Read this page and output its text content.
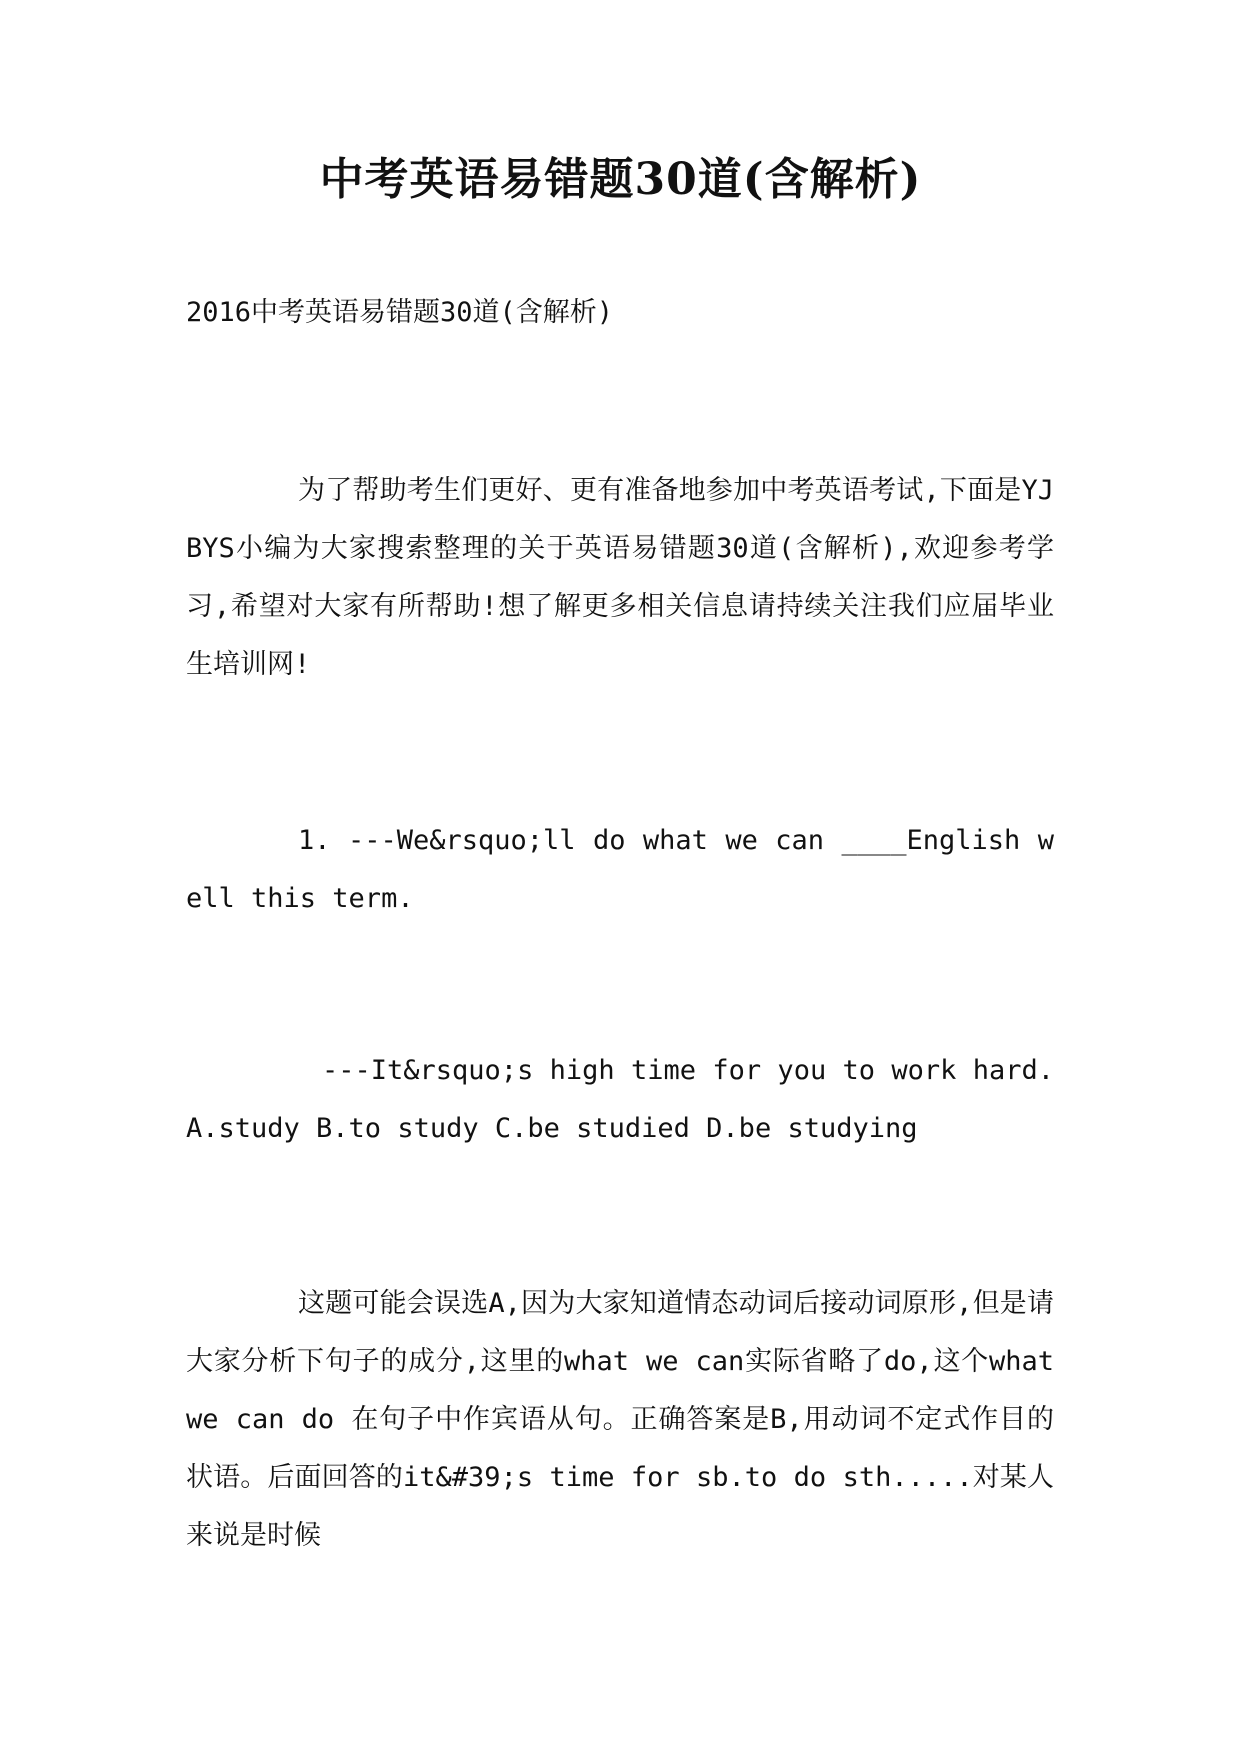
中考英语易错题30道(含解析)

2016中考英语易错题30道(含解析)

为了帮助考生们更好、更有准备地参加中考英语考试,下面是YJBYS小编为大家搜索整理的关于英语易错题30道(含解析),欢迎参考学习,希望对大家有所帮助!想了解更多相关信息请持续关注我们应届毕业生培训网!

1. ---We&rsquo;ll do what we can ____English well this term.

---It&rsquo;s high time for you to work hard.A.study B.to study C.be studied D.be studying

这题可能会误选A,因为大家知道情态动词后接动词原形,但是请大家分析下句子的成分,这里的what we can实际省略了do,这个what we can do 在句子中作宾语从句。正确答案是B,用动词不定式作目的状语。后面回答的it&#39;s time for sb.to do sth.....对某人来说是时候
